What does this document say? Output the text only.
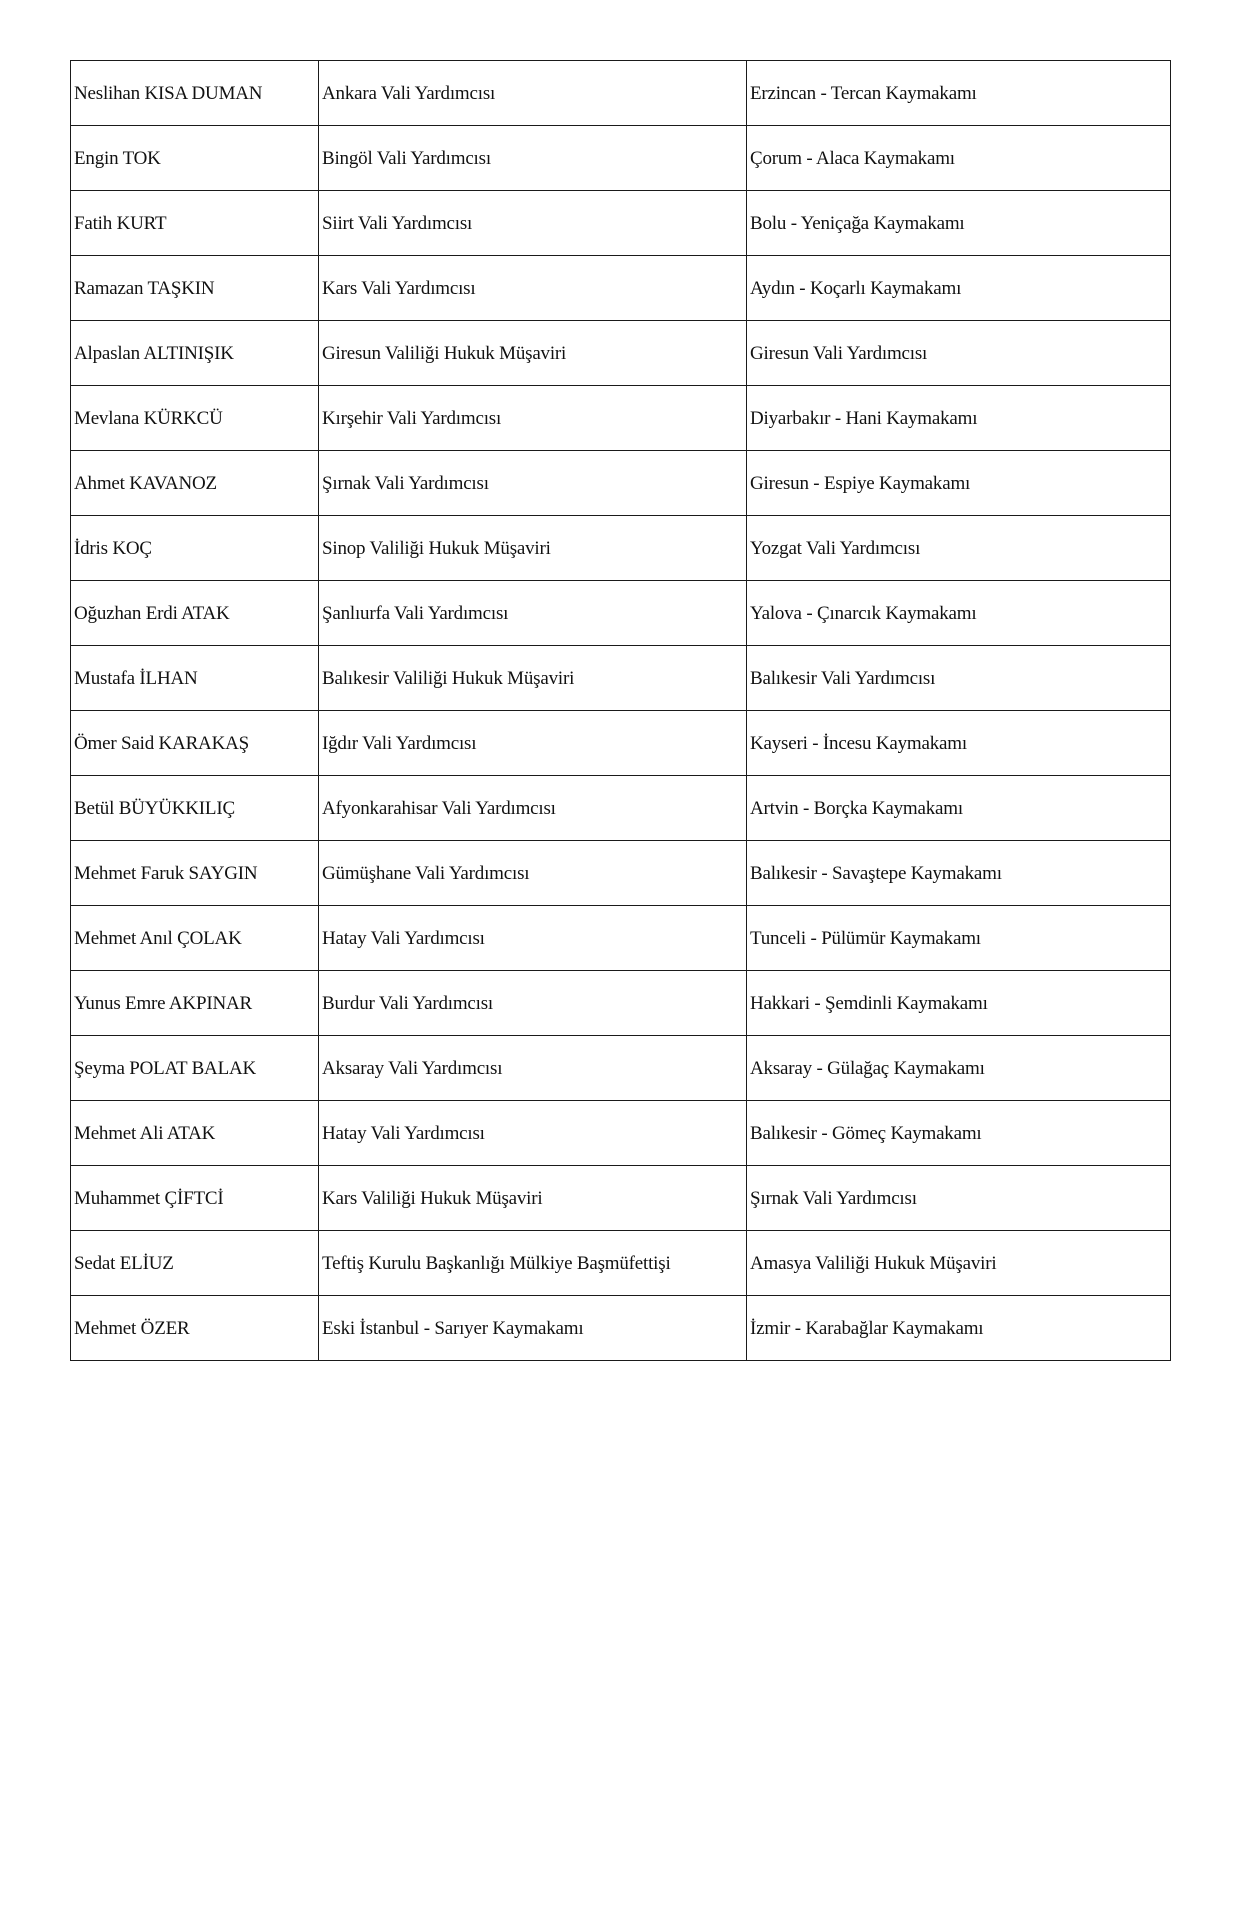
Neslihan KISA DUMAN	Ankara Vali Yardımcısı	Erzincan - Tercan Kaymakamı
Engin TOK	Bingöl Vali Yardımcısı	Çorum - Alaca Kaymakamı
Fatih KURT	Siirt Vali Yardımcısı	Bolu - Yeniçağa Kaymakamı
Ramazan TAŞKIN	Kars Vali Yardımcısı	Aydın - Koçarlı Kaymakamı
Alpaslan ALTINIŞIK	Giresun Valiliği Hukuk Müşaviri	Giresun Vali Yardımcısı
Mevlana KÜRKCÜ	Kırşehir Vali Yardımcısı	Diyarbakır - Hani Kaymakamı
Ahmet KAVANOZ	Şırnak Vali Yardımcısı	Giresun - Espiye Kaymakamı
İdris KOÇ	Sinop Valiliği Hukuk Müşaviri	Yozgat Vali Yardımcısı
Oğuzhan Erdi ATAK	Şanlıurfa Vali Yardımcısı	Yalova - Çınarcık Kaymakamı
Mustafa İLHAN	Balıkesir Valiliği Hukuk Müşaviri	Balıkesir Vali Yardımcısı
Ömer Said KARAKAŞ	Iğdır Vali Yardımcısı	Kayseri - İncesu Kaymakamı
Betül BÜYÜKKILIÇ	Afyonkarahisar Vali Yardımcısı	Artvin - Borçka Kaymakamı
Mehmet Faruk SAYGIN	Gümüşhane Vali Yardımcısı	Balıkesir - Savaştepe Kaymakamı
Mehmet Anıl ÇOLAK	Hatay Vali Yardımcısı	Tunceli - Pülümür Kaymakamı
Yunus Emre AKPINAR	Burdur Vali Yardımcısı	Hakkari - Şemdinli Kaymakamı
Şeyma POLAT BALAK	Aksaray Vali Yardımcısı	Aksaray - Gülağaç Kaymakamı
Mehmet Ali ATAK	Hatay Vali Yardımcısı	Balıkesir - Gömeç Kaymakamı
Muhammet ÇİFTCİ	Kars Valiliği Hukuk Müşaviri	Şırnak Vali Yardımcısı
Sedat ELİUZ	Teftiş Kurulu Başkanlığı Mülkiye Başmüfettişi	Amasya Valiliği Hukuk Müşaviri
Mehmet ÖZER	Eski İstanbul - Sarıyer Kaymakamı	İzmir - Karabağlar Kaymakamı
